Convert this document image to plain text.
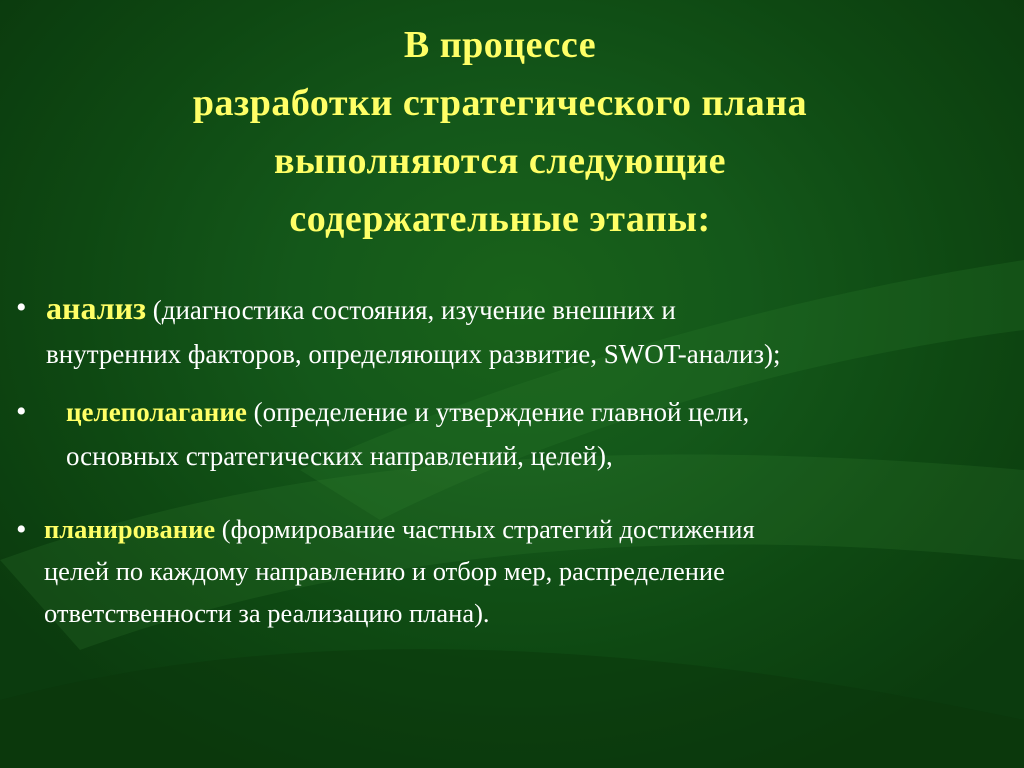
В процессе
разработки стратегического плана
выполняются следующие
содержательные этапы:
• анализ (диагностика состояния, изучение внешних и
внутренних факторов, определяющих развитие, SWOT-анализ);
• целеполагание (определение и утверждение главной цели,
основных стратегических направлений, целей),
• планирование (формирование частных стратегий достижения
целей по каждому направлению и отбор мер, распределение
ответственности за реализацию плана).
